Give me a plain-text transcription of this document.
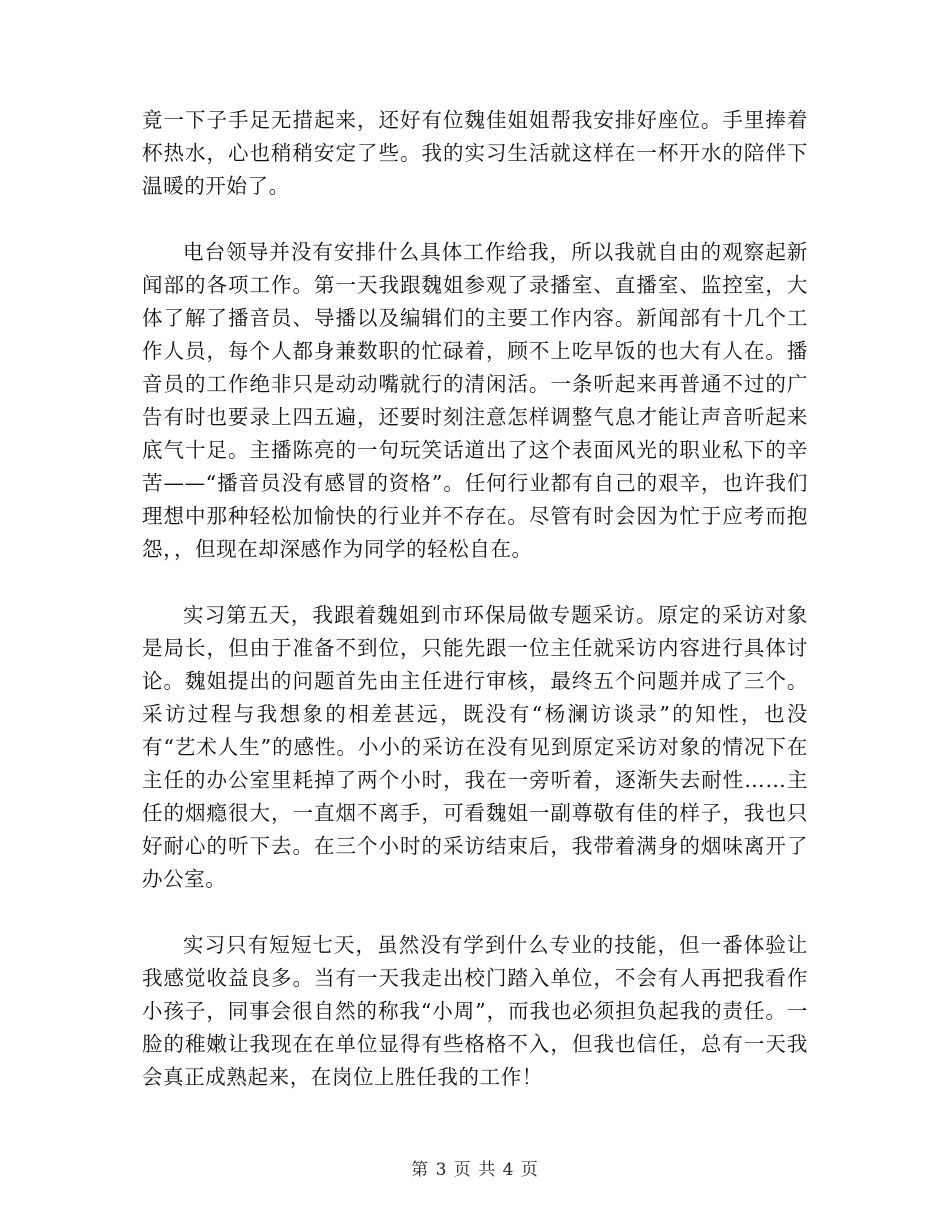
竟一下子手足无措起来，还好有位魏佳姐姐帮我安排好座位。手里捧着杯热水，心也稍稍安定了些。我的实习生活就这样在一杯开水的陪伴下温暖的开始了。

电台领导并没有安排什么具体工作给我，所以我就自由的观察起新闻部的各项工作。第一天我跟魏姐参观了录播室、直播室、监控室，大体了解了播音员、导播以及编辑们的主要工作内容。新闻部有十几个工作人员，每个人都身兼数职的忙碌着，顾不上吃早饭的也大有人在。播音员的工作绝非只是动动嘴就行的清闲活。一条听起来再普通不过的广告有时也要录上四五遍，还要时刻注意怎样调整气息才能让声音听起来底气十足。主播陈亮的一句玩笑话道出了这个表面风光的职业私下的辛苦——“播音员没有感冒的资格”。任何行业都有自己的艰辛，也许我们理想中那种轻松加愉快的行业并不存在。尽管有时会因为忙于应考而抱怨，，但现在却深感作为同学的轻松自在。

实习第五天，我跟着魏姐到市环保局做专题采访。原定的采访对象是局长，但由于准备不到位，只能先跟一位主任就采访内容进行具体讨论。魏姐提出的问题首先由主任进行审核，最终五个问题并成了三个。采访过程与我想象的相差甚远，既没有“杨澜访谈录”的知性，也没有“艺术人生”的感性。小小的采访在没有见到原定采访对象的情况下在主任的办公室里耗掉了两个小时，我在一旁听着，逐渐失去耐性……主任的烟瘾很大，一直烟不离手，可看魏姐一副尊敬有佳的样子，我也只好耐心的听下去。在三个小时的采访结束后，我带着满身的烟味离开了办公室。

实习只有短短七天，虽然没有学到什么专业的技能，但一番体验让我感觉收益良多。当有一天我走出校门踏入单位，不会有人再把我看作小孩子，同事会很自然的称我“小周”，而我也必须担负起我的责任。一脸的稚嫩让我现在在单位显得有些格格不入，但我也信任，总有一天我会真正成熟起来，在岗位上胜任我的工作！

第 3 页 共 4 页
